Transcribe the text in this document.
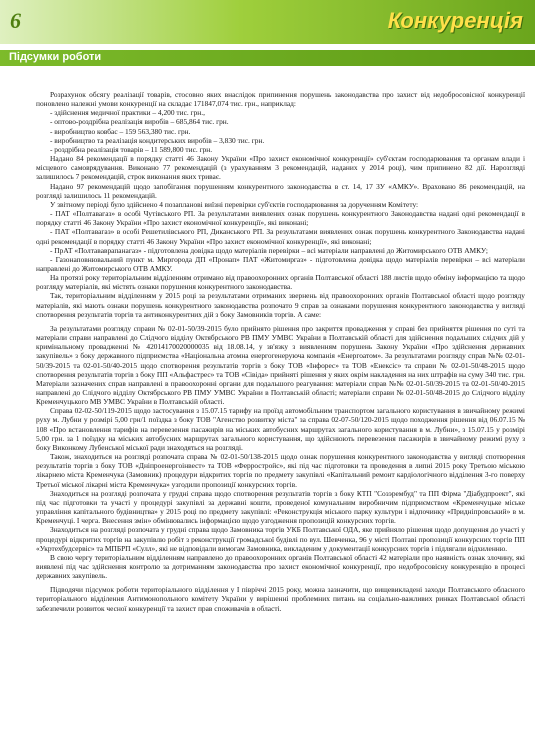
6	Конкуренція
Підсумки роботи

Розрахунок обсягу реалізації товарів, стосовно яких внаслідок припинення порушень законодавства про захист від недобросовісної конкуренції поновлено належні умови конкуренції на складає 171847,074 тис. грн., наприклад:

- здійснення медичної практики – 4,200 тис. грн.,

- оптово-роздрібна реалізація виробів – 685,864 тис. грн.

- виробництво ковбас – 159 563,380 тис. грн.

- виробництво та реалізація кондитерських виробів – 3,830 тис. грн.

- роздрібна реалізація товарів – 11 589,800 тис. грн.

Надано 84 рекомендації в порядку статті 46 Закону України «Про захист економічної конкуренції» суб'єктам господарювання та органам влади і місцевого самоврядування. Виконано 77 рекомендацій (з урахуванням 3 рекомендацій, наданих у 2014 році), чим припинено 82 дії. Нарозгляді залишилось 7 рекомендацій, строк виконання яких триває.

Надано 97 рекомендацій щодо запобігання порушенням конкурентного законодавства в ст. 14, 17 ЗУ «АМКУ». Враховано 86 рекомендацій, на розгляді залишилось 11 рекомендацій.

У звітному періоді було здійснено 4 позапланові виїзні перевірки суб'єктів господарювання за дорученням Комітету:

- ПАТ «Полтавагаз» в особі Чутівського РП. За результатами виявлених ознак порушень конкурентного Законодавства надані одні рекомендації в порядку статті 46 Закону України «Про захист економічної конкуренції», які виконані;

- ПАТ «Полтавагаз» в особі Решетилівського РП, Диканського РП. За результатами виявлених ознак порушень конкурентного Законодавства надані одні рекомендації в порядку статті 46 Закону України «Про захист економічної конкуренції», які виконані;

- ПрАТ «Полтававрапанагаз» - підготовлена довідка щодо матеріалів перевірки – всі матеріали направлені до Житомирського ОТВ АМКУ;

- Газонаповнювальний пункт м. Миргорода ДП «Пронап» ПАТ «Житомиргаз» - підготовлена довідка щодо матеріалів перевірки – всі матеріали направлені до Житомирського ОТВ АМКУ.

На протязі року територіальним відділенням отримано від правоохоронних органів Полтавської області 188 листів щодо обміну інформацією та щодо розгляду матеріалів, які містять ознаки порушення конкурентного законодавства.

Так, територіальним відділенням у 2015 році за результатами отриманих звернень від правоохоронних органів Полтавської області щодо розгляду матеріалів, які мають ознаки порушень конкурентного законодавства розпочато 9 справ за ознаками порушення конкурентного законодавства у вигляді спотворення результатів торгів та антиконкурентних дій з боку Замовників торгів. А саме:

За результатами розгляду справи № 02-01-50/39-2015 було прийнято рішення про закриття провадження у справі без прийняття рішення по суті та матеріали справи направлені до Слідчого відділу Октябрського РВ ПМУ УМВС України в Полтавській області для здійснення подальших слідчих дій у кримінальному провадженні № 42014170020000035 від 18.08.14, у зв'язку з виявленням порушень Закону України «Про здійснення державних закупівель» з боку державного підприємства «Національна атомна енергогенеруюча компанія «Енергоатом». За результатами розгляду справ №№ 02-01-50/39-2015 та 02-01-50/40-2015 щодо спотворення результатів торгів з боку ТОВ «Інфорес» та ТОВ «Енексіс» та справи № 02-01-50/48-2015 щодо спотворення результатів торгів з боку ПП «Альфастрес» та ТОВ «Сівіда» прийняті рішення у яких окрім накладення на них штрафів на суму 340 тис. грн. Матеріали зазначених справ направлені в правоохоронні органи для подальшого реагування: матеріали справ №№ 02-01-50/39-2015 та 02-01-50/40-2015 направлені до Слідчого відділу Октябрського РВ ПМУ УМВС України в Полтавській області; матеріали справи № 02-01-50/48-2015 до Слідчого відділу Кременчуцького МВ УМВС України в Полтавській області.

Справа 02-02-50/119-2015 щодо застосування з 15.07.15 тарифу на проїзд автомобільним транспортом загального користування в звичайному режимі руху м. Лубни у розмірі 5,00 грн/1 поїздка з боку ТОВ "Агенство розвитку міста" за справа 02-07-50/120-2015 щодо походження рішення від 06.07.15 № 108 «Про встановлення тарифів на перевезення пасажирів на міських автобусних маршрутах загального користування в м. Лубни», з 15.07.15 у розмірі 5,00 грн. за 1 поїздку на міських автобусних маршрутах загального користування, що здійснюють перевезення пасажирів в звичайному режимі руху з боку Виконкому Лубенської міської ради знаходяться на розгляді.

Також, знаходиться на розгляді розпочата справа № 02-01-50/138-2015 щодо ознак порушення конкурентного законодавства у вигляді спотворення результатів торгів з боку ТОВ «Дніпроенергоінвест» та ТОВ «Ферростройс», які під час підготовки та проведення в липні 2015 року Третьою міською лікарнею міста Кременчука (Замовник) процедури відкритих торгів по предмету закупівлі «Капітальний ремонт кардіологічного відділення 3-го поверху Третьої міської лікарні міста Кременчука» узгодили пропозиції конкурсних торгів.

Знаходиться на розгляді розпочата у грудні справа щодо спотворення результатів торгів з боку КТП "Созэрембуд" та ПП Фірма "Діабудпроект", які під час підготовки та участі у процедурі закупівлі за державні кошти, проведеної комунальним виробничим підприємством «Кременчуцьке міське управління капітального будівництва» у 2015 році по предмету закупівлі: «Реконструкція міського парку культури і відпочинку «Придніпровський» в м. Кременчуці. І черга. Внесення змін» обмінювались інформацією щодо узгодження пропозицій конкурсних торгів.

Знаходиться на розгляді розпочата у грудні справа щодо Замовника торгів УКБ Полтавської ОДА, яке прийняло рішення щодо допущення до участі у процедурі відкритих торгів на закупівлю робіт з реконструкції громадської будівлі по вул. Шевченка, 96 у місті Полтаві пропозиції конкурсних торгів ПП «Укртехбудсервіс» та МПБРП «Сулл», які не відповідали вимогам Замовника, викладеним у документації конкурсних торгів і підлягали відхиленню.

В свою чергу територіальним відділенням направлено до правоохоронних органів Полтавської області 42 матеріали про наявність ознак злочину, які виявлені під час здійснення контролю за дотриманням законодавства про захист економічної конкуренції, про недобросовісну конкуренцію в процесі державних закупівель.

Підводячи підсумок роботи територіального відділення у I півріччі 2015 року, можна зазначити, що вищевикладені заходи Полтавського обласного територіального відділення Антимонопольного комітету України у вирішенні проблемних питань на соціально-важливих ринках Полтавської області забезпечили розвиток чесної конкуренції та захист прав споживачів в області.
